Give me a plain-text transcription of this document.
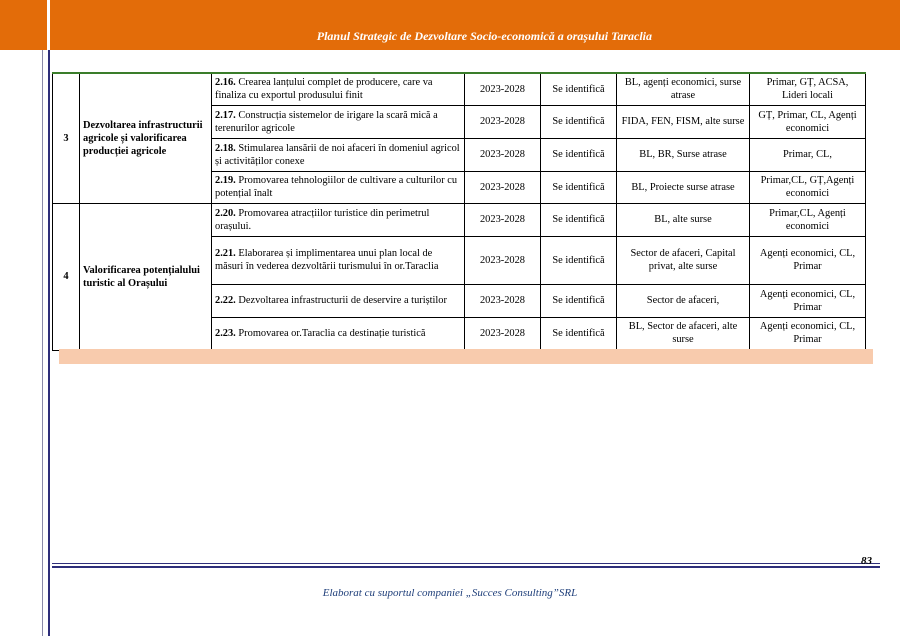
Planul Strategic de Dezvoltare Socio-economică a orașului Taraclia
3	Dezvoltarea infrastructurii agricole și valorificarea producției agricole	2.16. Crearea lanțului complet de producere, care va finaliza cu exportul produsului finit	2023-2028	Se identifică	BL, agenți economici, surse atrase	Primar, GȚ, ACSA, Lideri locali
		2.17. Construcția sistemelor de irigare la scară mică a terenurilor agricole	2023-2028	Se identifică	FIDA, FEN, FISM, alte surse	GȚ, Primar, CL, Agenți economici
		2.18. Stimularea lansării de noi afaceri în domeniul agricol și activităților conexe	2023-2028	Se identifică	BL, BR, Surse atrase	Primar, CL,
		2.19. Promovarea tehnologiilor de cultivare a culturilor cu potențial înalt	2023-2028	Se identifică	BL, Proiecte surse atrase	Primar,CL, GȚ,Agenți economici
4	Valorificarea potențialului turistic al Orașului	2.20. Promovarea atracțiilor turistice din perimetrul orașului.	2023-2028	Se identifică	BL, alte surse	Primar,CL, Agenți economici
		2.21. Elaborarea și implimentarea unui plan local de măsuri în vederea dezvoltării turismului în or.Taraclia	2023-2028	Se identifică	Sector de afaceri, Capital privat, alte surse	Agenți economici, CL, Primar
		2.22. Dezvoltarea infrastructurii de deservire a turiștilor	2023-2028	Se identifică	Sector de afaceri,	Agenți economici, CL, Primar
		2.23. Promovarea or.Taraclia ca destinație turistică	2023-2028	Se identifică	BL, Sector de afaceri, alte surse	Agenți economici, CL, Primar
83
Elaborat cu suportul companiei „Succes Consulting”SRL
